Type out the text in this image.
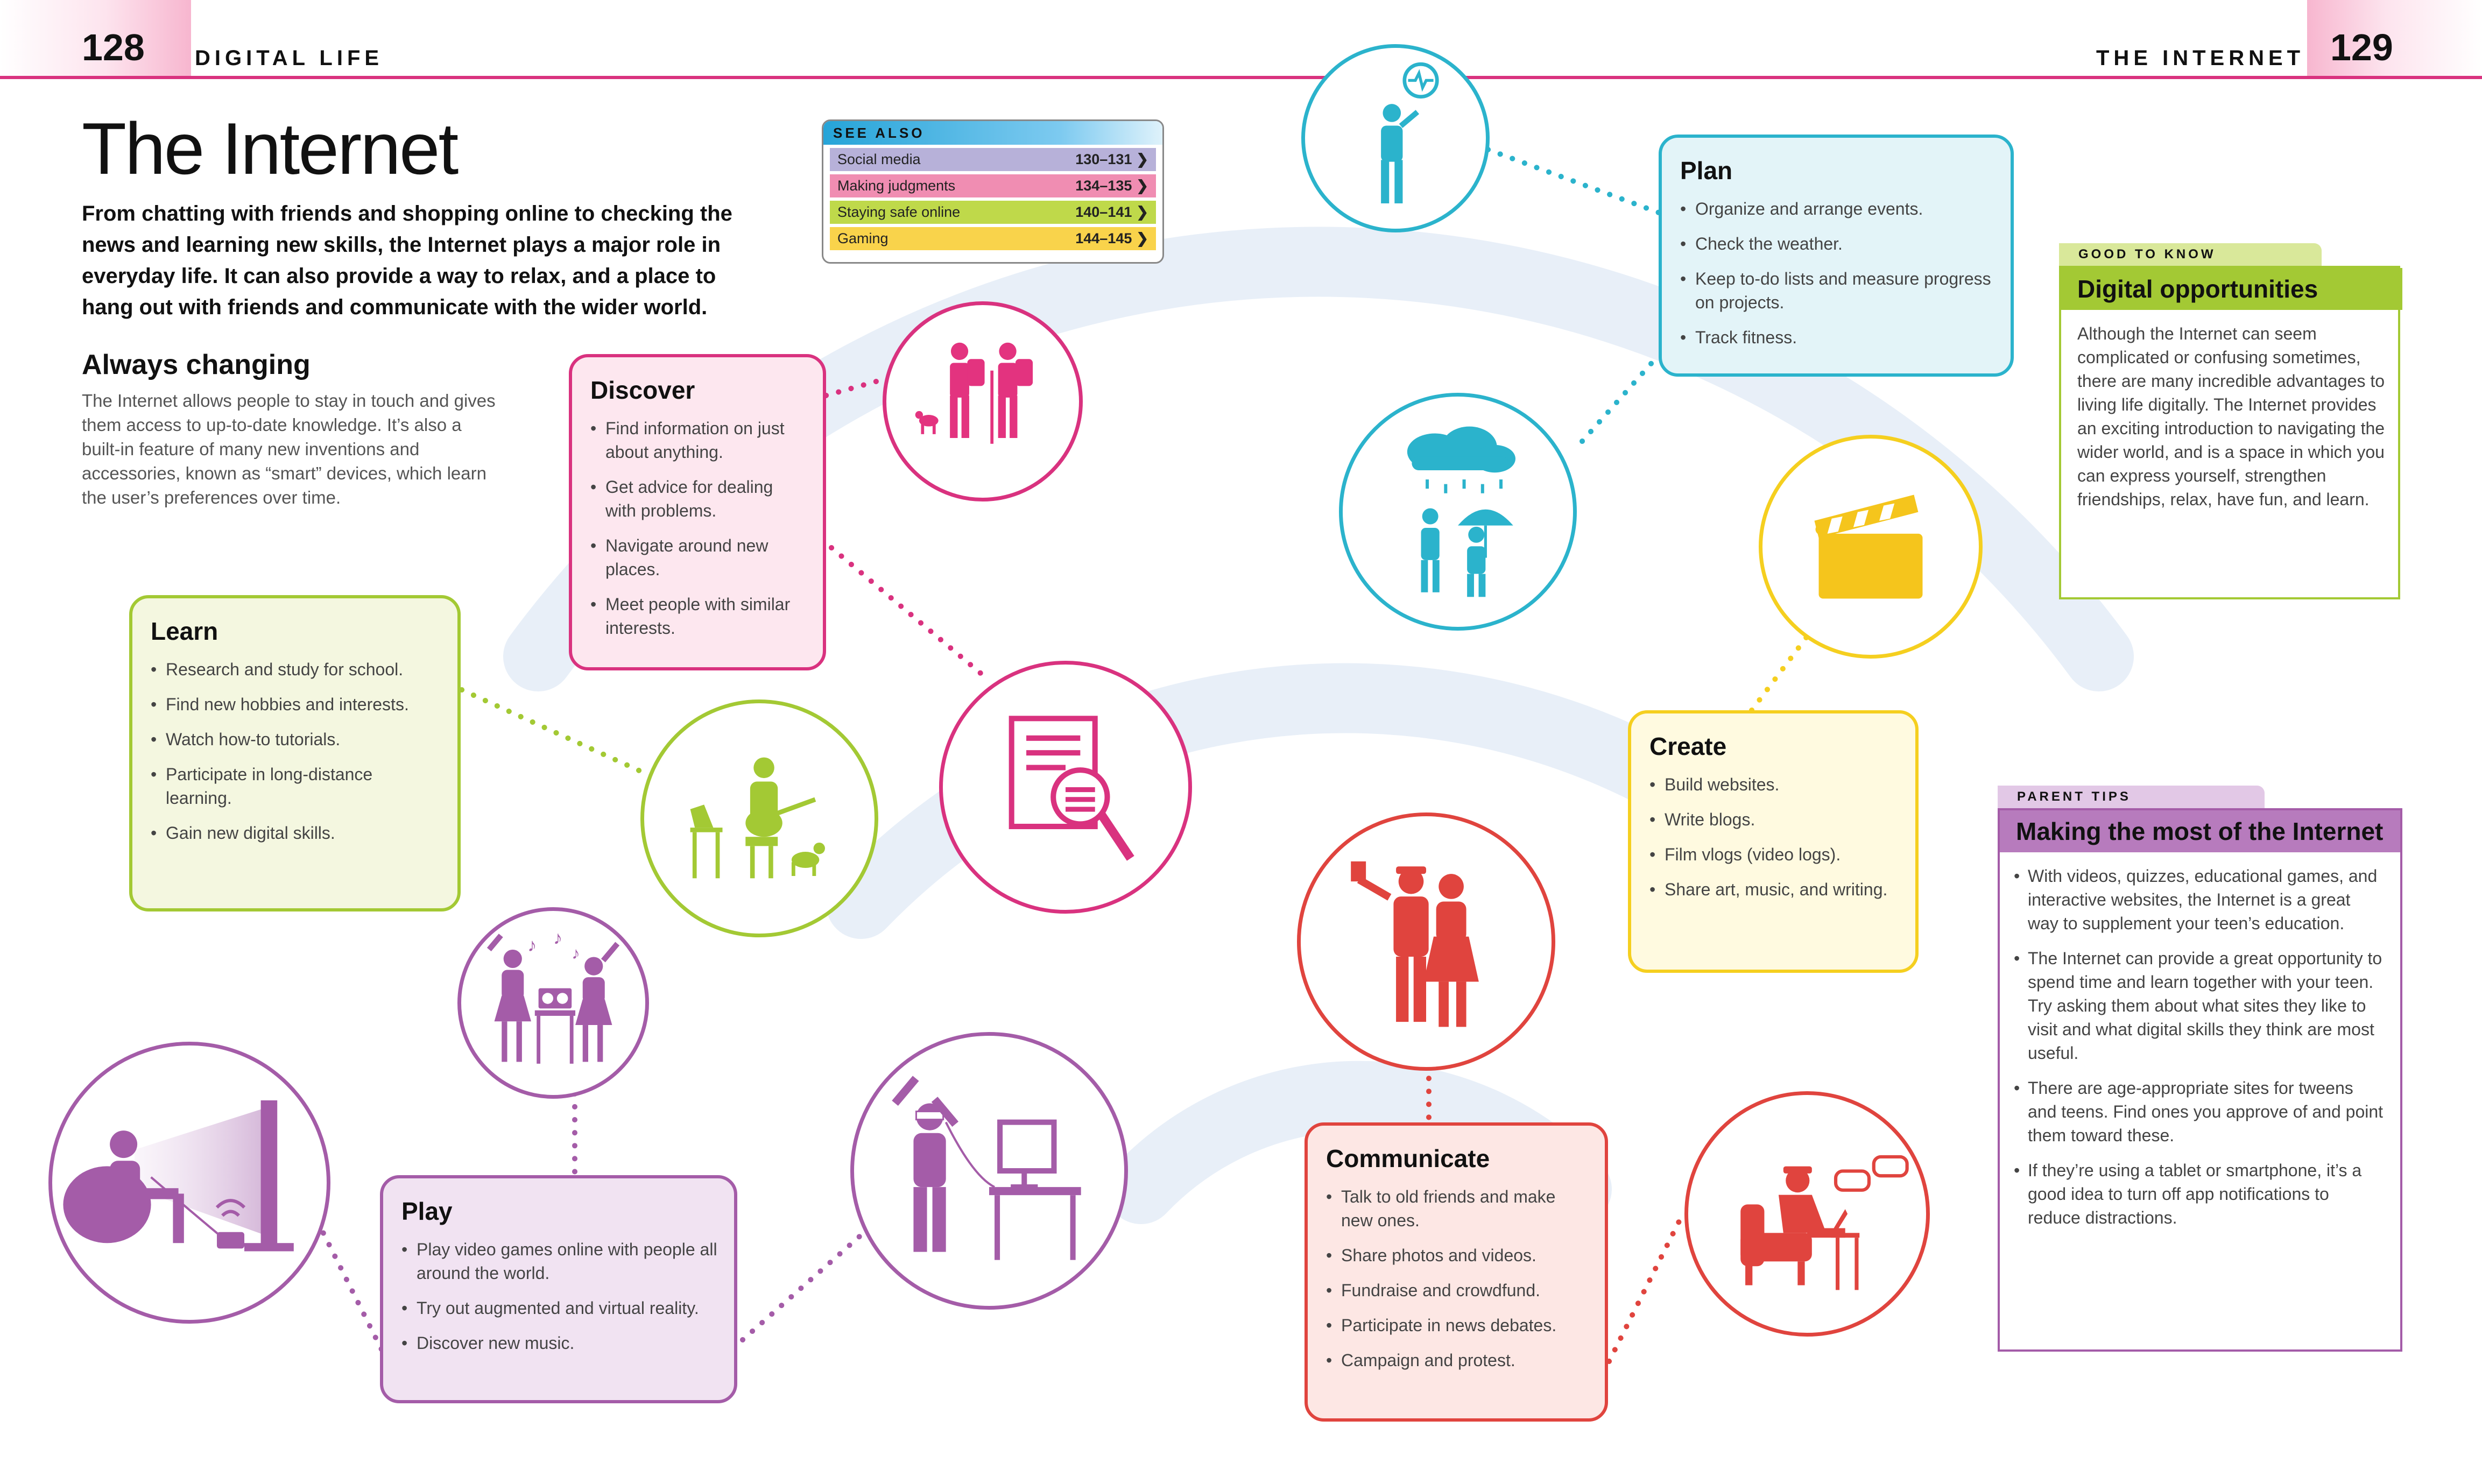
128 DIGITAL LIFE	THE INTERNET 129
The Internet

From chatting with friends and shopping online to checking the news and learning new skills, the Internet plays a major role in everyday life. It can also provide a way to relax, and a place to hang out with friends and communicate with the wider world.

Always changing

The Internet allows people to stay in touch and gives them access to up-to-date knowledge. It’s also a built-in feature of many new inventions and accessories, known as “smart” devices, which learn the user’s preferences over time.

SEE ALSO
Social media	130–131 ❯
Making judgments	134–135 ❯
Staying safe online	140–141 ❯
Gaming	144–145 ❯
♪	♪
♪
Discover
• Find information on just about anything.
• Get advice for dealing with problems.
• Navigate around new places.
• Meet people with similar interests.
Learn
• Research and study for school.
• Find new hobbies and interests.
• Watch how-to tutorials.
• Participate in long-distance learning.
• Gain new digital skills.
Play
• Play video games online with people all around the world.
• Try out augmented and virtual reality.
• Discover new music.
Plan
• Organize and arrange events.
• Check the weather.
• Keep to-do lists and measure progress on projects.
• Track fitness.
Create
• Build websites.
• Write blogs.
• Film vlogs (video logs).
• Share art, music, and writing.
Communicate
• Talk to old friends and make new ones.
• Share photos and videos.
• Fundraise and crowdfund.
• Participate in news debates.
• Campaign and protest.
GOOD TO KNOW
Digital opportunities

Although the Internet can seem complicated or confusing sometimes, there are many incredible advantages to living life digitally. The Internet provides an exciting introduction to navigating the wider world, and is a space in which you can express yourself, strengthen friendships, relax, have fun, and learn.

PARENT TIPS
Making the most of the Internet
• With videos, quizzes, educational games, and interactive websites, the Internet is a great way to supplement your teen’s education.
• The Internet can provide a great opportunity to spend time and learn together with your teen. Try asking them about what sites they like to visit and what digital skills they think are most useful.
• There are age-appropriate sites for tweens and teens. Find ones you approve of and point them toward these.
• If they’re using a tablet or smartphone, it’s a good idea to turn off app notifications to reduce distractions.
